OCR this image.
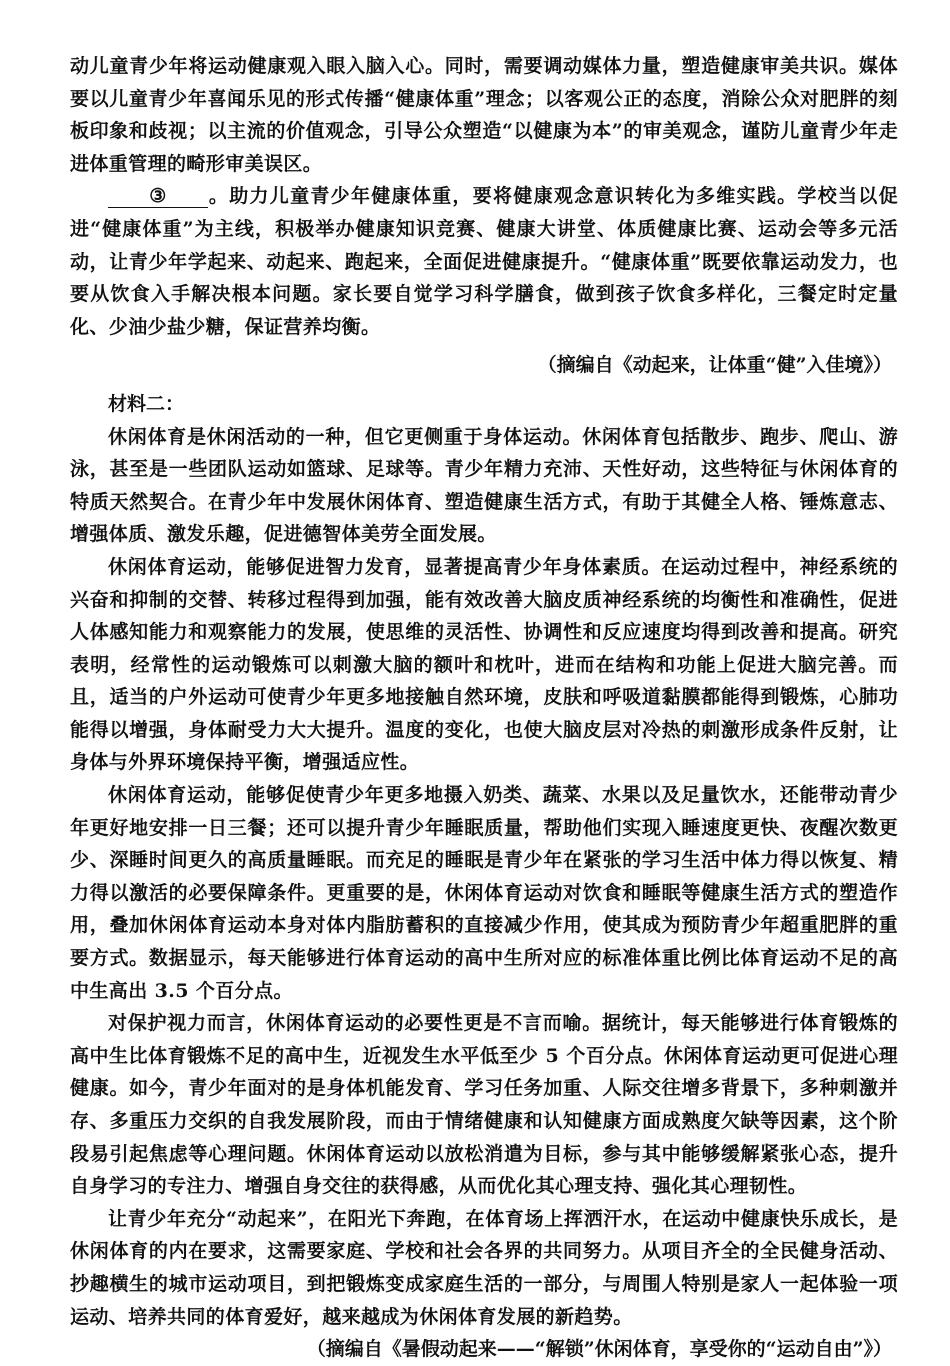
动儿童青少年将运动健康观入眼入脑入心。同时，需要调动媒体力量，塑造健康审美共识。媒体要以儿童青少年喜闻乐见的形式传播“健康体重”理念；以客观公正的态度，消除公众对肥胖的刻板印象和歧视；以主流的价值观念，引导公众塑造“以健康为本”的审美观念，谨防儿童青少年走进体重管理的畸形审美误区。

③ 。助力儿童青少年健康体重，要将健康观念意识转化为多维实践。学校当以促进“健康体重”为主线，积极举办健康知识竞赛、健康大讲堂、体质健康比赛、运动会等多元活动，让青少年学起来、动起来、跑起来，全面促进健康提升。“健康体重”既要依靠运动发力，也要从饮食入手解决根本问题。家长要自觉学习科学膳食，做到孩子饮食多样化，三餐定时定量化、少油少盐少糖，保证营养均衡。

（摘编自《动起来，让体重“健”入佳境》）

材料二：

休闲体育是休闲活动的一种，但它更侧重于身体运动。休闲体育包括散步、跑步、爬山、游泳，甚至是一些团队运动如篮球、足球等。青少年精力充沛、天性好动，这些特征与休闲体育的特质天然契合。在青少年中发展休闲体育、塑造健康生活方式，有助于其健全人格、锤炼意志、增强体质、激发乐趣，促进德智体美劳全面发展。

休闲体育运动，能够促进智力发育，显著提高青少年身体素质。在运动过程中，神经系统的兴奋和抑制的交替、转移过程得到加强，能有效改善大脑皮质神经系统的均衡性和准确性，促进人体感知能力和观察能力的发展，使思维的灵活性、协调性和反应速度均得到改善和提高。研究表明，经常性的运动锻炼可以刺激大脑的额叶和枕叶，进而在结构和功能上促进大脑完善。而且，适当的户外运动可使青少年更多地接触自然环境，皮肤和呼吸道黏膜都能得到锻炼，心肺功能得以增强，身体耐受力大大提升。温度的变化，也使大脑皮层对冷热的刺激形成条件反射，让身体与外界环境保持平衡，增强适应性。

休闲体育运动，能够促使青少年更多地摄入奶类、蔬菜、水果以及足量饮水，还能带动青少年更好地安排一日三餐；还可以提升青少年睡眠质量，帮助他们实现入睡速度更快、夜醒次数更少、深睡时间更久的高质量睡眠。而充足的睡眠是青少年在紧张的学习生活中体力得以恢复、精力得以激活的必要保障条件。更重要的是，休闲体育运动对饮食和睡眠等健康生活方式的塑造作用，叠加休闲体育运动本身对体内脂肪蓄积的直接减少作用，使其成为预防青少年超重肥胖的重要方式。数据显示，每天能够进行体育运动的高中生所对应的标准体重比例比体育运动不足的高中生高出 3.5 个百分点。

对保护视力而言，休闲体育运动的必要性更是不言而喻。据统计，每天能够进行体育锻炼的高中生比体育锻炼不足的高中生，近视发生水平低至少 5 个百分点。休闲体育运动更可促进心理健康。如今，青少年面对的是身体机能发育、学习任务加重、人际交往增多背景下，多种刺激并存、多重压力交织的自我发展阶段，而由于情绪健康和认知健康方面成熟度欠缺等因素，这个阶段易引起焦虑等心理问题。休闲体育运动以放松消遣为目标，参与其中能够缓解紧张心态，提升自身学习的专注力、增强自身交往的获得感，从而优化其心理支持、强化其心理韧性。

让青少年充分“动起来”，在阳光下奔跑，在体育场上挥洒汗水，在运动中健康快乐成长，是休闲体育的内在要求，这需要家庭、学校和社会各界的共同努力。从项目齐全的全民健身活动、抄趣横生的城市运动项目，到把锻炼变成家庭生活的一部分，与周围人特别是家人一起体验一项运动、培养共同的体育爱好，越来越成为休闲体育发展的新趋势。

（摘编自《暑假动起来——“解锁”休闲体育，享受你的“运动自由”》）
